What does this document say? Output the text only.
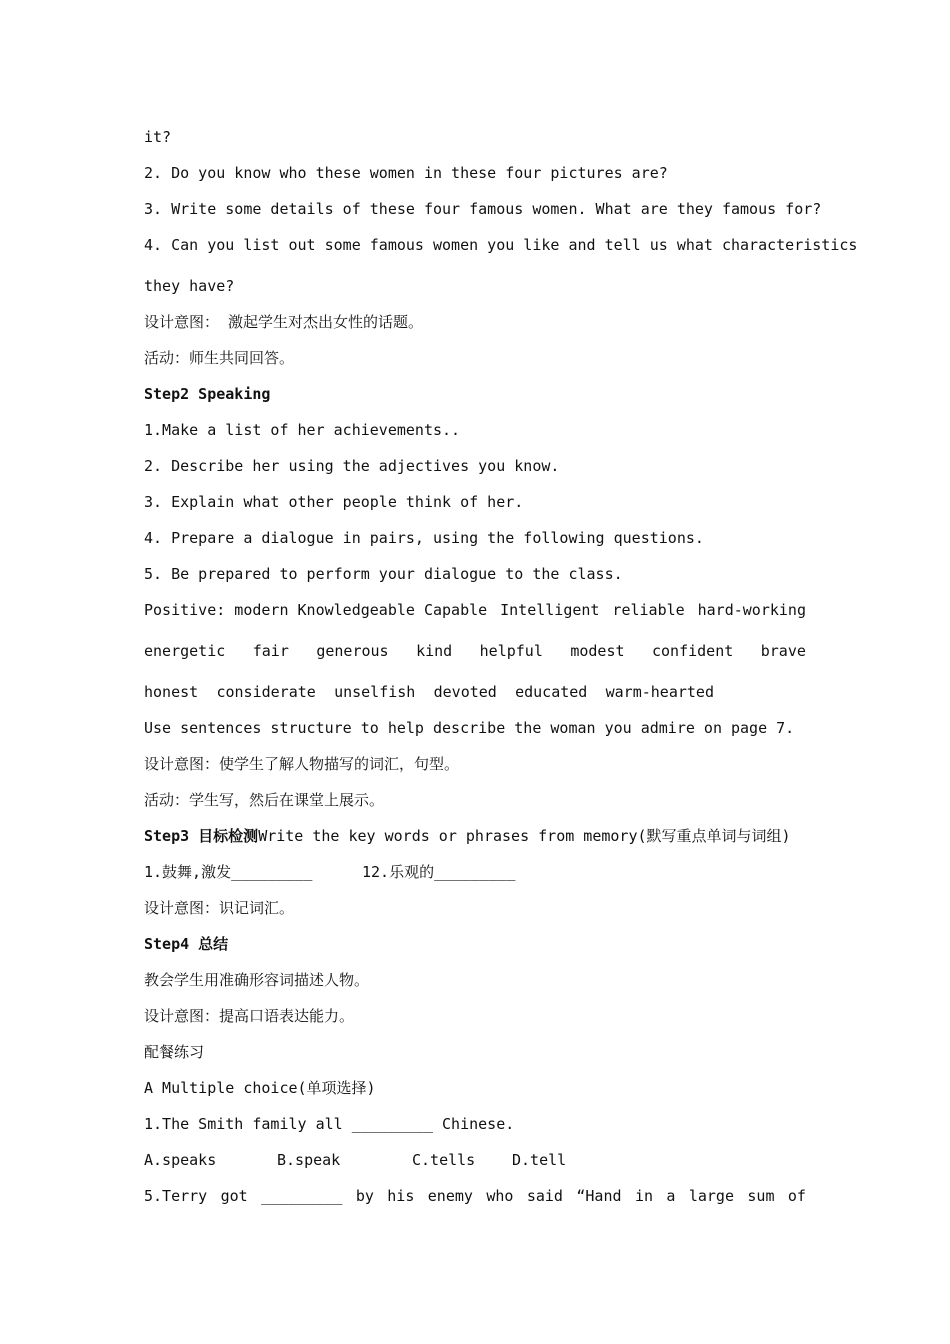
it?
2. Do you know who these women in these four pictures are?
3. Write some details of these four famous women. What are they famous for?
4. Can you list out some famous women you like and tell us what characteristics
they have?
设计意图： 激起学生对杰出女性的话题。
活动：师生共同回答。
Step2 Speaking
1.Make a list of her achievements..
2. Describe her using the adjectives you know.
3. Explain what other people think of her.
4. Prepare a dialogue in pairs, using the following questions.
5. Be prepared to perform your dialogue to the class.
Positive: modern Knowledgeable Capable Intelligent reliable hard-working
energetic fair generous kind helpful modest confident brave
honest considerate unselfish devoted educated warm-hearted
Use sentences structure to help describe the woman you admire on page 7.
设计意图：使学生了解人物描写的词汇，句型。
活动：学生写，然后在课堂上展示。
Step3 目标检测Write the key words or phrases from memory(默写重点单词与词组)
1.鼓舞,激发_________	12.乐观的_________
设计意图：识记词汇。
Step4 总结
教会学生用准确形容词描述人物。
设计意图：提高口语表达能力。
配餐练习
A Multiple choice(单项选择)
1.The Smith family all _________ Chinese.
A.speaks	B.speak	C.tells	D.tell
5.Terry got _________ by his enemy who said “Hand in a large sum of
